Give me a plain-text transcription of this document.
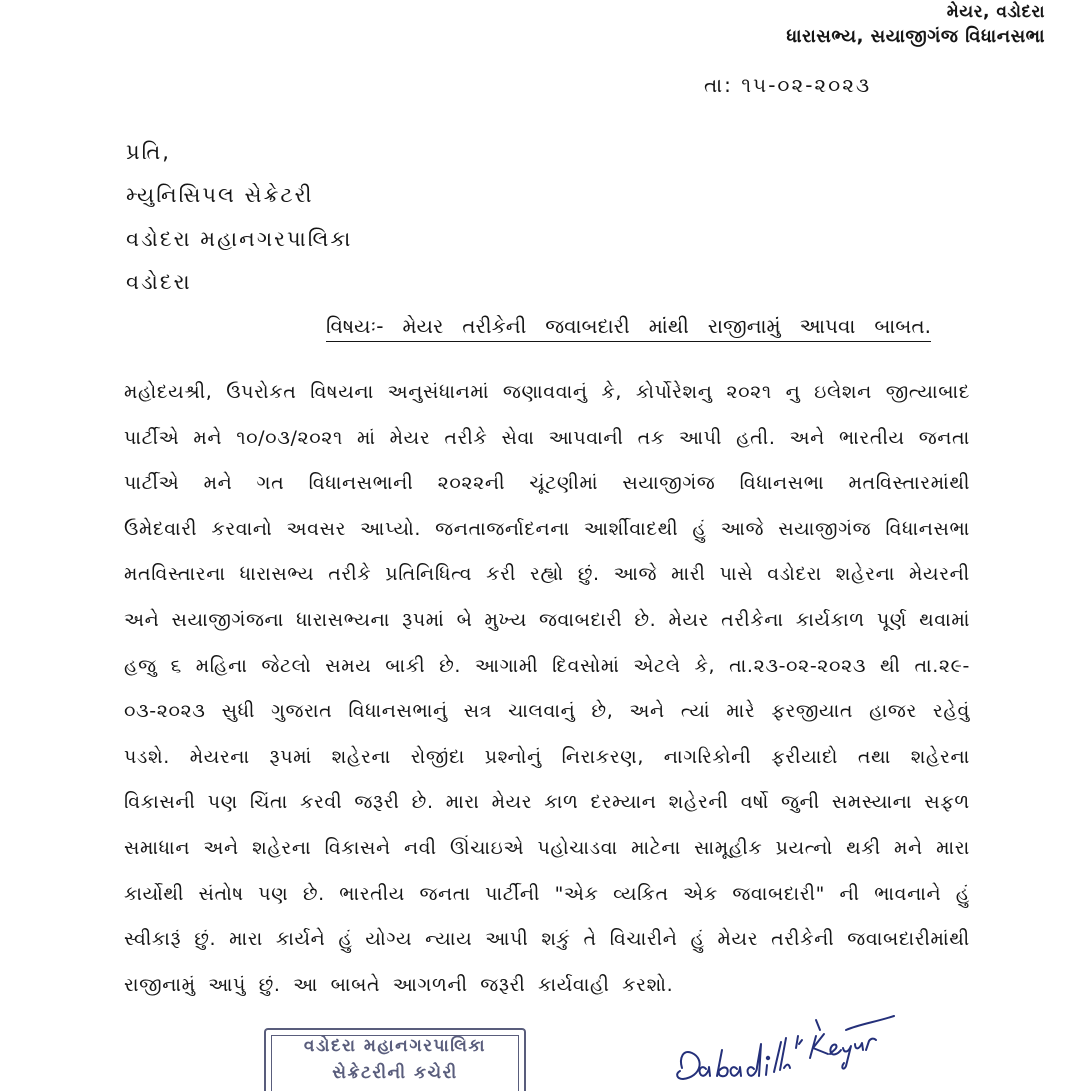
મેયર, વડોદરા
ધારાસભ્ય, સયાજીગંજ વિધાનસભા
તા: ૧૫-૦૨-૨૦૨૩
પ્રતિ,
મ્યુનિસિપલ સેક્રેટરી
વડોદરા મહાનગરપાલિકા
વડોદરા
વિષયઃ- મેયર તરીકેની જવાબદારી માંથી રાજીનામું આપવા બાબત.
મહોદયશ્રી, ઉપરોકત વિષયના અનુસંધાનમાં જણાવવાનું કે, કોર્પોરેશનુ ૨૦૨૧ નુ ઇલેશન જીત્યાબાદ
પાર્ટીએ મને ૧૦/૦૩/૨૦૨૧ માં મેયર તરીકે સેવા આપવાની તક આપી હતી. અને ભારતીય જનતા
પાર્ટીએ મને ગત વિધાનસભાની ૨૦૨૨ની ચૂંટણીમાં સયાજીગંજ વિધાનસભા મતવિસ્તારમાંથી
ઉમેદવારી કરવાનો અવસર આપ્યો. જનતાજર્નાદનના આર્શીવાદથી હું આજે સયાજીગંજ વિધાનસભા
મતવિસ્તારના ધારાસભ્ય તરીકે પ્રતિનિધિત્વ કરી રહ્યો છું. આજે મારી પાસે વડોદરા શહેરના મેયરની
અને સયાજીગંજના ધારાસભ્યના રૂપમાં બે મુખ્ય જવાબદારી છે. મેયર તરીકેના કાર્યકાળ પૂર્ણ થવામાં
હજુ ૬ મહિના જેટલો સમય બાકી છે. આગામી દિવસોમાં એટલે કે, તા.૨૩-૦૨-૨૦૨૩ થી તા.૨૯-
૦૩-૨૦૨૩ સુધી ગુજરાત વિધાનસભાનું સત્ર ચાલવાનું છે, અને ત્યાં મારે ફરજીયાત હાજર રહેવું
પડશે. મેયરના રૂપમાં શહેરના રોજીંદા પ્રશ્નોનું નિરાકરણ, નાગરિકોની ફરીયાદો તથા શહેરના
વિકાસની પણ ચિંતા કરવી જરૂરી છે. મારા મેયર કાળ દરમ્યાન શહેરની વર્ષો જુની સમસ્યાના સફળ
સમાધાન અને શહેરના વિકાસને નવી ઊંચાઇએ પહોચાડવા માટેના સામૂહીક પ્રયત્નો થકી મને મારા
કાર્યોથી સંતોષ પણ છે. ભારતીય જનતા પાર્ટીની "એક વ્યકિત એક જવાબદારી" ની ભાવનાને હું
સ્વીકારૂં છું. મારા કાર્યને હું યોગ્ય ન્યાય આપી શકું તે વિચારીને હું મેયર તરીકેની જવાબદારીમાંથી
રાજીનામું આપું છું. આ બાબતે આગળની જરૂરી કાર્યવાહી કરશો.
વડોદરા મહાનગરપાલિકા
સેક્રેટરીની કચેરી
